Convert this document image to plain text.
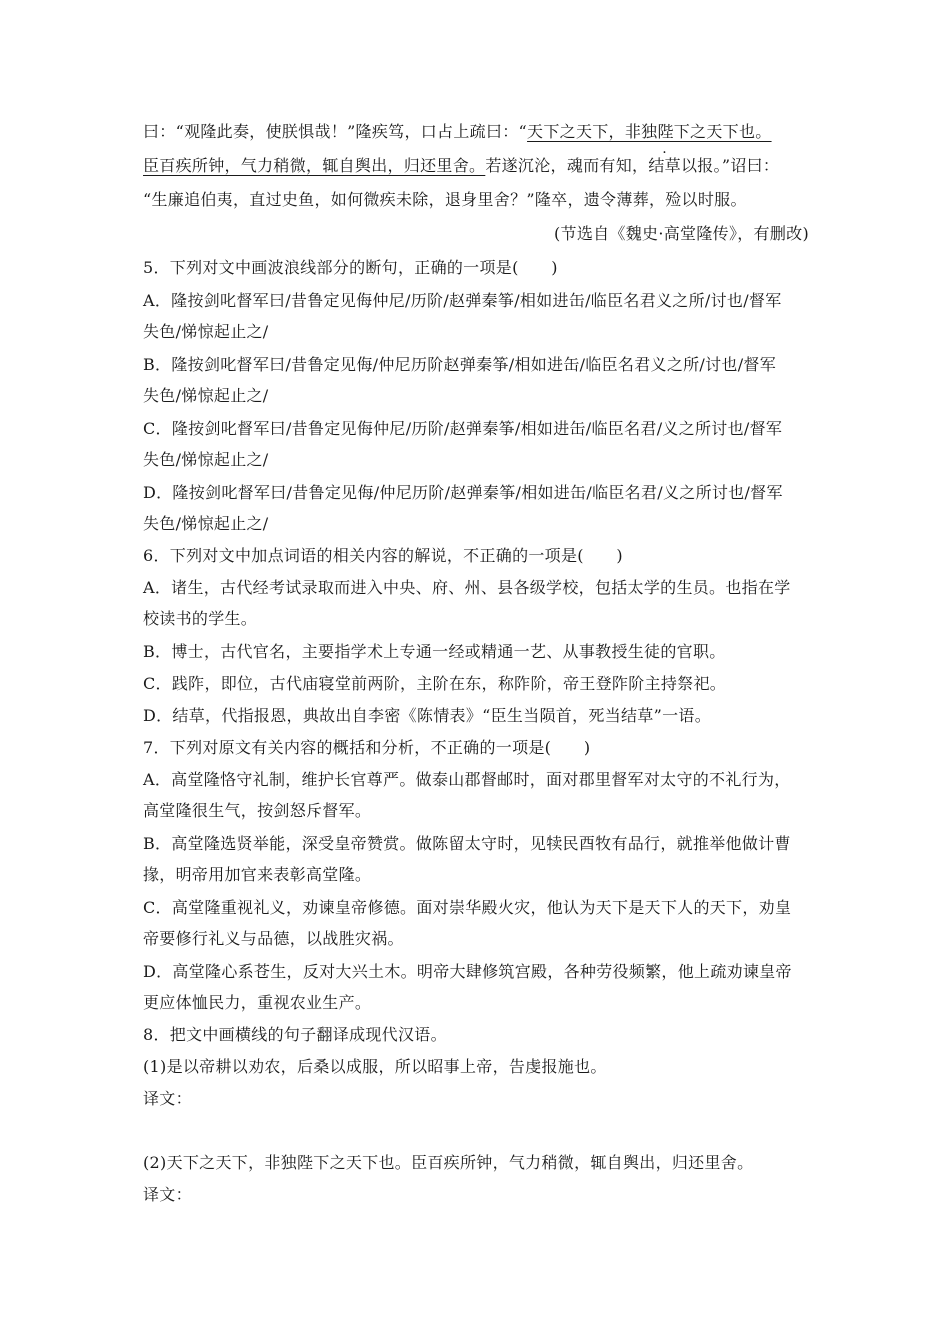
曰：“观隆此奏，使朕惧哉！”隆疾笃，口占上疏曰：“天下之天下，非独陛下之天下也。
臣百疾所钟，气力稍微，辄自舆出，归还里舍。若遂沉沦，魂而有知，结草以报。”诏曰：
“生廉追伯夷，直过史鱼，如何微疾未除，退身里舍？”隆卒，遗令薄葬，殓以时服。
(节选自《魏史·高堂隆传》，有删改)
5．下列对文中画波浪线部分的断句，正确的一项是(　　)
A．隆按剑叱督军曰/昔鲁定见侮仲尼/历阶/赵弹秦筝/相如进缶/临臣名君义之所/讨也/督军
失色/悌惊起止之/
B．隆按剑叱督军曰/昔鲁定见侮/仲尼历阶赵弹秦筝/相如进缶/临臣名君义之所/讨也/督军
失色/悌惊起止之/
C．隆按剑叱督军曰/昔鲁定见侮仲尼/历阶/赵弹秦筝/相如进缶/临臣名君/义之所讨也/督军
失色/悌惊起止之/
D．隆按剑叱督军曰/昔鲁定见侮/仲尼历阶/赵弹秦筝/相如进缶/临臣名君/义之所讨也/督军
失色/悌惊起止之/
6．下列对文中加点词语的相关内容的解说，不正确的一项是(　　)
A．诸生，古代经考试录取而进入中央、府、州、县各级学校，包括太学的生员。也指在学
校读书的学生。
B．博士，古代官名，主要指学术上专通一经或精通一艺、从事教授生徒的官职。
C．践阼，即位，古代庙寝堂前两阶，主阶在东，称阼阶，帝王登阼阶主持祭祀。
D．结草，代指报恩，典故出自李密《陈情表》“臣生当陨首，死当结草”一语。
7．下列对原文有关内容的概括和分析，不正确的一项是(　　)
A．高堂隆恪守礼制，维护长官尊严。做泰山郡督邮时，面对郡里督军对太守的不礼行为，
高堂隆很生气，按剑怒斥督军。
B．高堂隆选贤举能，深受皇帝赞赏。做陈留太守时，见犊民酉牧有品行，就推举他做计曹
掾，明帝用加官来表彰高堂隆。
C．高堂隆重视礼义，劝谏皇帝修德。面对崇华殿火灾，他认为天下是天下人的天下，劝皇
帝要修行礼义与品德，以战胜灾祸。
D．高堂隆心系苍生，反对大兴土木。明帝大肆修筑宫殿，各种劳役频繁，他上疏劝谏皇帝
更应体恤民力，重视农业生产。
8．把文中画横线的句子翻译成现代汉语。
(1)是以帝耕以劝农，后桑以成服，所以昭事上帝，告虔报施也。
译文：
(2)天下之天下，非独陛下之天下也。臣百疾所钟，气力稍微，辄自舆出，归还里舍。
译文：
